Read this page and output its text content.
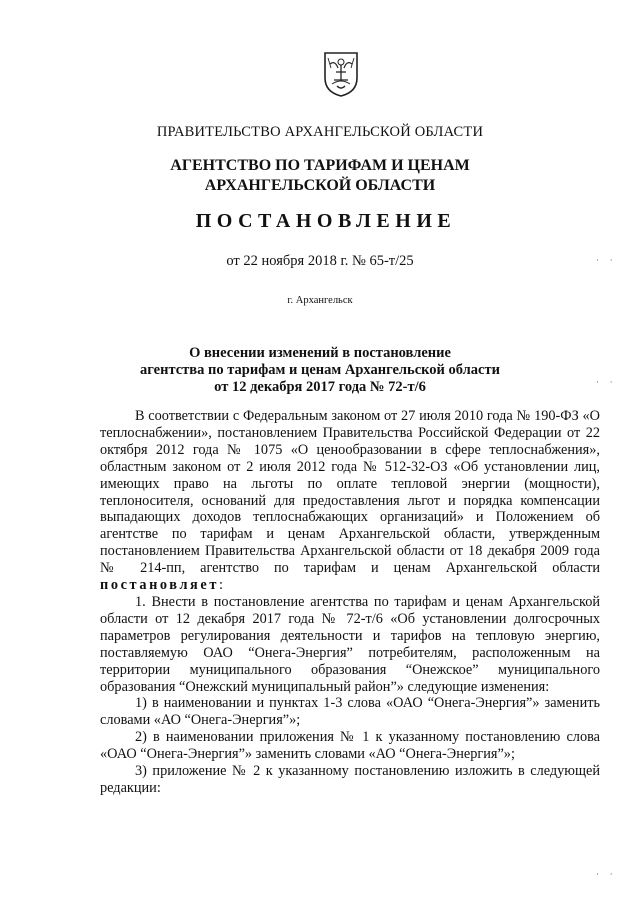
ПРАВИТЕЛЬСТВО АРХАНГЕЛЬСКОЙ ОБЛАСТИ
АГЕНТСТВО ПО ТАРИФАМ И ЦЕНАМ
АРХАНГЕЛЬСКОЙ ОБЛАСТИ
ПОСТАНОВЛЕНИЕ
от 22 ноября 2018 г. № 65-т/25
г. Архангельск
О внесении изменений в постановление
агентства по тарифам и ценам Архангельской области
от 12 декабря 2017 года № 72-т/6

В соответствии с Федеральным законом от 27 июля 2010 года № 190-ФЗ «О теплоснабжении», постановлением Правительства Российской Федерации от 22 октября 2012 года № 1075 «О ценообразовании в сфере теплоснабжения», областным законом от 2 июля 2012 года № 512-32-ОЗ «Об установлении лиц, имеющих право на льготы по оплате тепловой энергии (мощности), теплоносителя, оснований для предоставления льгот и порядка компенсации выпадающих доходов теплоснабжающих организаций» и Положением об агентстве по тарифам и ценам Архангельской области, утвержденным постановлением Правительства Архангельской области от 18 декабря 2009 года № 214-пп, агентство по тарифам и ценам Архангельской области постановляет:

1. Внести в постановление агентства по тарифам и ценам Архангельской области от 12 декабря 2017 года № 72-т/6 «Об установлении долгосрочных параметров регулирования деятельности и тарифов на тепловую энергию, поставляемую ОАО “Онега-Энергия” потребителям, расположенным на территории муниципального образования “Онежское” муниципального образования “Онежский муниципальный район”» следующие изменения:

1) в наименовании и пунктах 1-3 слова «ОАО “Онега-Энергия”» заменить словами «АО “Онега-Энергия”»;

2) в наименовании приложения № 1 к указанному постановлению слова «ОАО “Онега-Энергия”» заменить словами «АО “Онега-Энергия”»;

3) приложение № 2 к указанному постановлению изложить в следующей редакции:

· ·
· ·
· ·
